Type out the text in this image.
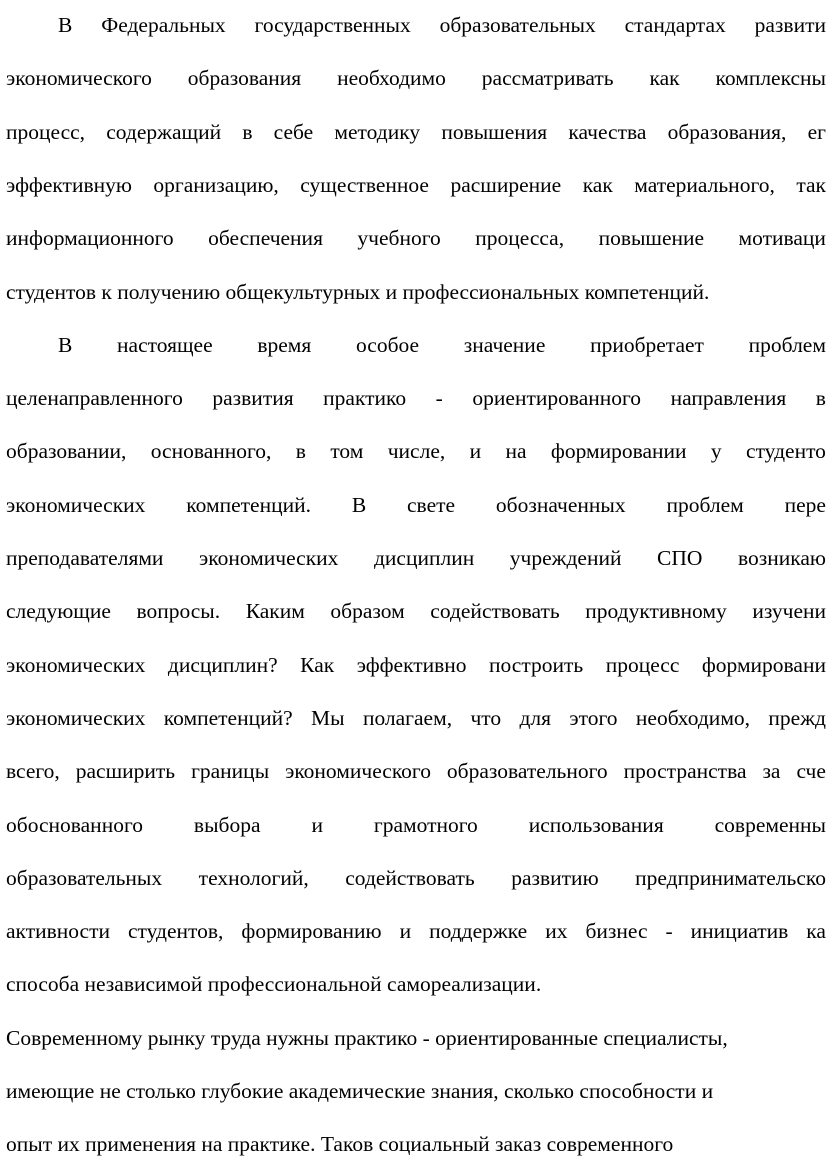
В Федеральных государственных образовательных стандартах развити
экономического образования необходимо рассматривать как комплексны
процесс, содержащий в себе методику повышения качества образования, ег
эффективную организацию, существенное расширение как материального, так
информационного обеспечения учебного процесса, повышение мотиваци
студентов к получению общекультурных и профессиональных компетенций.
В настоящее время особое значение приобретает проблем
целенаправленного развития практико - ориентированного направления в
образовании, основанного, в том числе, и на формировании у студенто
экономических компетенций. В свете обозначенных проблем пере
преподавателями экономических дисциплин учреждений СПО возникаю
следующие вопросы. Каким образом содействовать продуктивному изучени
экономических дисциплин? Как эффективно построить процесс формировани
экономических компетенций? Мы полагаем, что для этого необходимо, прежд
всего, расширить границы экономического образовательного пространства за сче
обоснованного выбора и грамотного использования современны
образовательных технологий, содействовать развитию предпринимательско
активности студентов, формированию и поддержке их бизнес - инициатив ка
способа независимой профессиональной самореализации.
Современному рынку труда нужны практико - ориентированные специалисты,
имеющие не столько глубокие академические знания, сколько способности и
опыт их применения на практике. Таков социальный заказ современного
